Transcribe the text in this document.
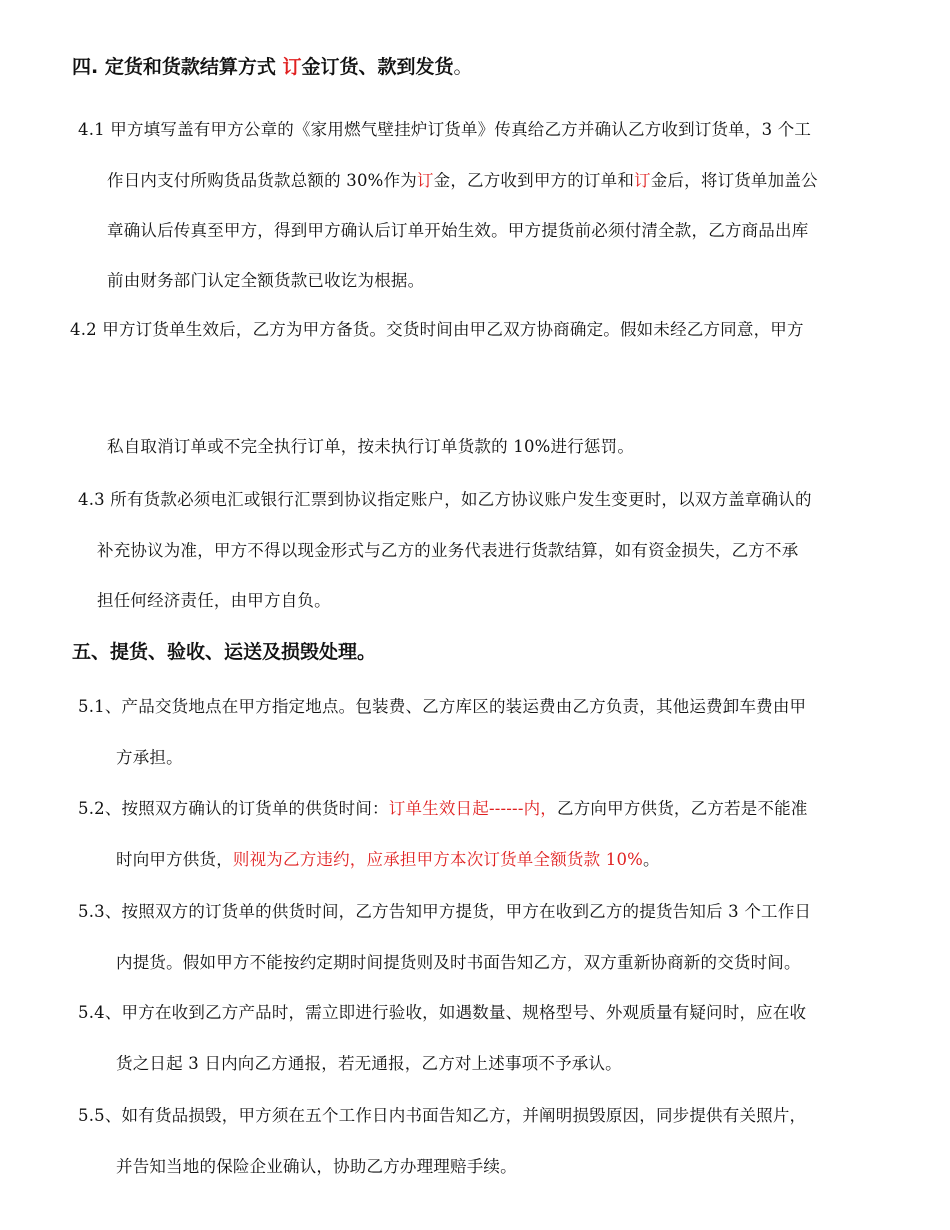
四. 定货和货款结算方式 订金订货、款到发货。
4.1 甲方填写盖有甲方公章的《家用燃气壁挂炉订货单》传真给乙方并确认乙方收到订货单，3 个工
作日内支付所购货品货款总额的 30%作为订金，乙方收到甲方的订单和订金后，将订货单加盖公
章确认后传真至甲方，得到甲方确认后订单开始生效。甲方提货前必须付清全款，乙方商品出库
前由财务部门认定全额货款已收讫为根据。
4.2 甲方订货单生效后，乙方为甲方备货。交货时间由甲乙双方协商确定。假如未经乙方同意，甲方
私自取消订单或不完全执行订单，按未执行订单货款的 10%进行惩罚。
4.3 所有货款必须电汇或银行汇票到协议指定账户，如乙方协议账户发生变更时，以双方盖章确认的
补充协议为准，甲方不得以现金形式与乙方的业务代表进行货款结算，如有资金损失，乙方不承
担任何经济责任，由甲方自负。
五、提货、验收、运送及损毁处理。
5.1、产品交货地点在甲方指定地点。包装费、乙方库区的装运费由乙方负责，其他运费卸车费由甲
方承担。
5.2、按照双方确认的订货单的供货时间：订单生效日起------内，乙方向甲方供货，乙方若是不能准
时向甲方供货，则视为乙方违约，应承担甲方本次订货单全额货款 10%。
5.3、按照双方的订货单的供货时间，乙方告知甲方提货，甲方在收到乙方的提货告知后 3 个工作日
内提货。假如甲方不能按约定期时间提货则及时书面告知乙方，双方重新协商新的交货时间。
5.4、甲方在收到乙方产品时，需立即进行验收，如遇数量、规格型号、外观质量有疑问时，应在收
货之日起 3 日内向乙方通报，若无通报，乙方对上述事项不予承认。
5.5、如有货品损毁，甲方须在五个工作日内书面告知乙方，并阐明损毁原因，同步提供有关照片，
并告知当地的保险企业确认，协助乙方办理理赔手续。
